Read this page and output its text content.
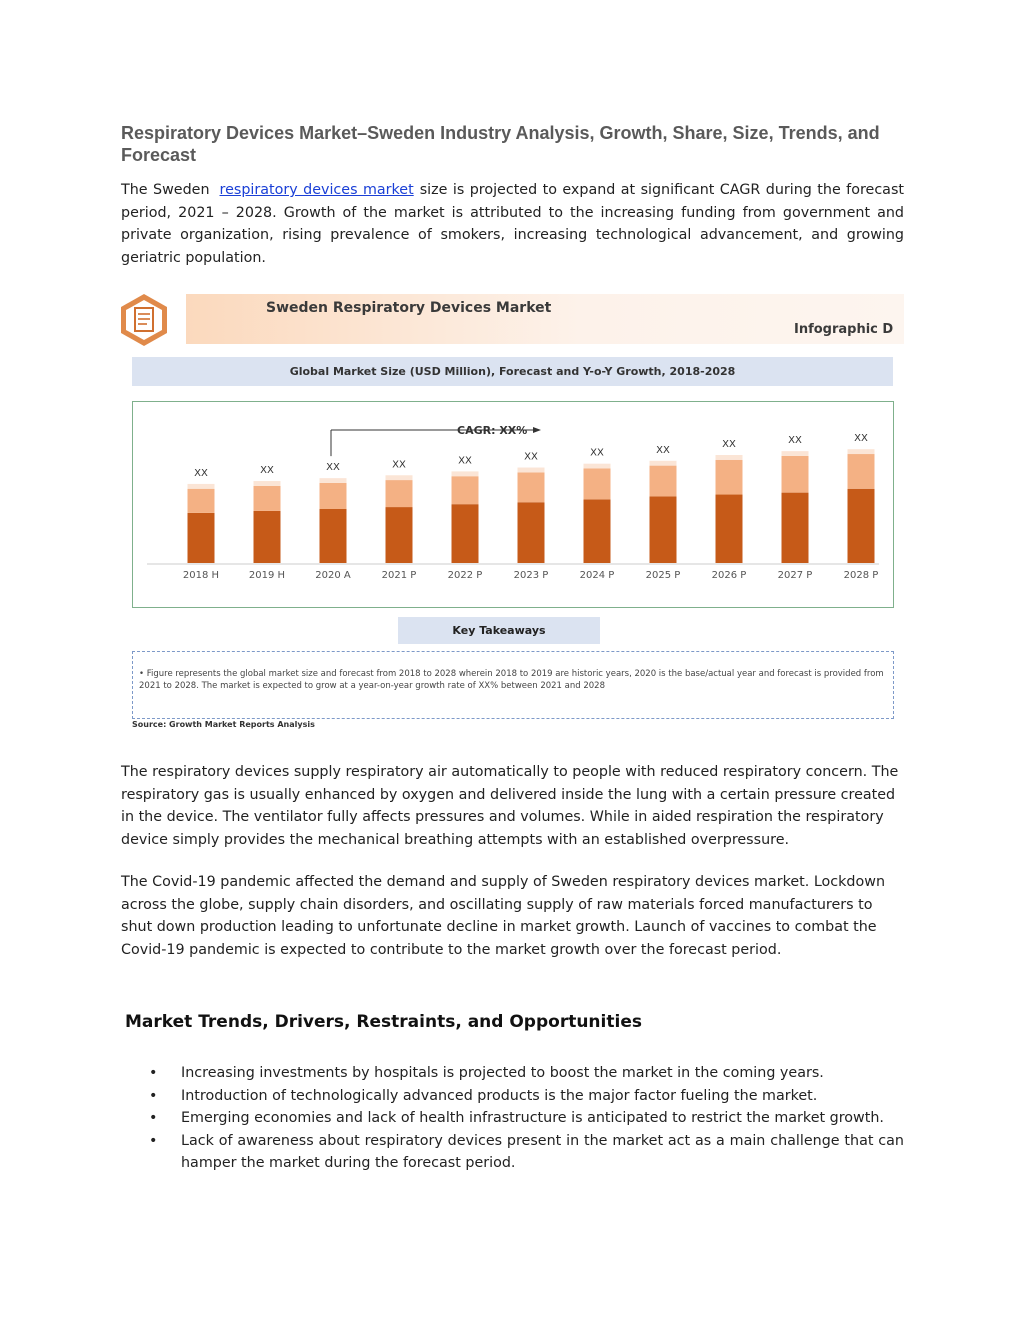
Respiratory Devices Market–Sweden Industry Analysis, Growth, Share, Size, Trends, and Forecast

The Sweden respiratory devices market size is projected to expand at significant CAGR during the forecast period, 2021 – 2028. Growth of the market is attributed to the increasing funding from government and private organization, rising prevalence of smokers, increasing technological advancement, and growing geriatric population.

Sweden Respiratory Devices Market
Infographic D
Global Market Size (USD Million), Forecast and Y-o-Y Growth, 2018-2028
XX
2018 H
XX
2019 H
XX
2020 A
XX
2021 P
XX
2022 P
XX
2023 P
XX
2024 P
XX
2025 P
XX
2026 P
XX
2027 P
XX
2028 P
CAGR: XX%
Key Takeaways

• Figure represents the global market size and forecast from 2018 to 2028 wherein 2018 to 2019 are historic years, 2020 is the base/actual year and forecast is provided from 2021 to 2028. The market is expected to grow at a year-on-year growth rate of XX% between 2021 and 2028

Source: Growth Market Reports Analysis

The respiratory devices supply respiratory air automatically to people with reduced respiratory concern. The respiratory gas is usually enhanced by oxygen and delivered inside the lung with a certain pressure created in the device. The ventilator fully affects pressures and volumes. While in aided respiration the respiratory device simply provides the mechanical breathing attempts with an established overpressure.

The Covid-19 pandemic affected the demand and supply of Sweden respiratory devices market. Lockdown across the globe, supply chain disorders, and oscillating supply of raw materials forced manufacturers to shut down production leading to unfortunate decline in market growth. Launch of vaccines to combat the Covid-19 pandemic is expected to contribute to the market growth over the forecast period.

Market Trends, Drivers, Restraints, and Opportunities
• Increasing investments by hospitals is projected to boost the market in the coming years.
• Introduction of technologically advanced products is the major factor fueling the market.
• Emerging economies and lack of health infrastructure is anticipated to restrict the market growth.
• Lack of awareness about respiratory devices present in the market act as a main challenge that can hamper the market during the forecast period.
